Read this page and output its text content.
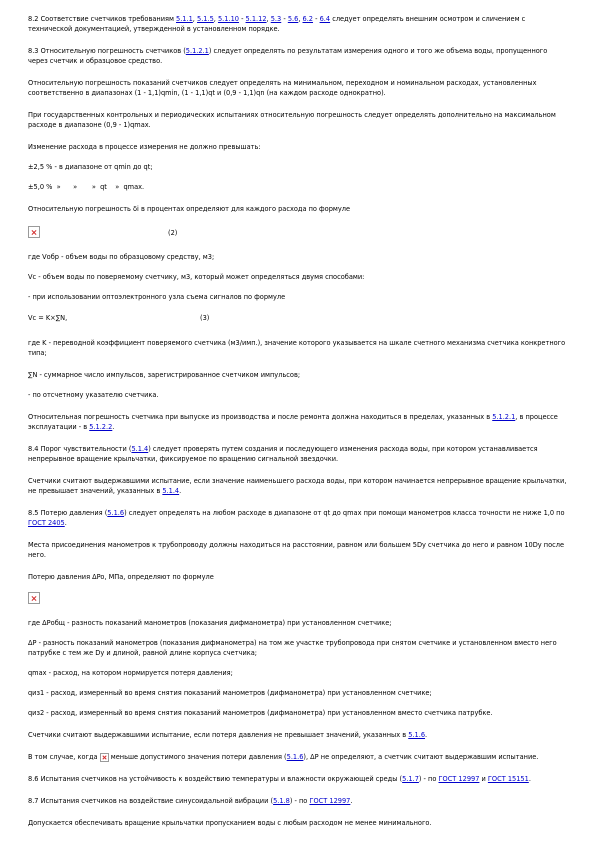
8.2 Соответствие счетчиков требованиям 5.1.1, 5.1.5, 5.1.10 - 5.1.12, 5.3 - 5.6, 6.2 - 6.4 следует определять внешним осмотром и сличением с технической документацией, утвержденной в установленном порядке.

8.3 Относительную погрешность счетчиков (5.1.2.1) следует определять по результатам измерения одного и того же объема воды, пропущенного через счетчик и образцовое средство.

Относительную погрешность показаний счетчиков следует определять на минимальном, переходном и номинальном расходах, установленных соответственно в диапазонах (1 - 1,1)qmin, (1 - 1,1)qt и (0,9 - 1,1)qn (на каждом расходе однократно).

При государственных контрольных и периодических испытаниях относительную погрешность следует определять дополнительно на максимальном расходе в диапазоне (0,9 - 1)qmax.

Изменение расхода в процессе измерения не должно превышать:

±2,5 % - в диапазоне от qmin до qt;

±5,0 %  »      »       »  qt    »  qmax.

Относительную погрешность δi в процентах определяют для каждого расхода по формуле

(2)

где Vобр - объем воды по образцовому средству, м3;

Vc - объем воды по поверяемому счетчику, м3, который может определяться двумя способами:

- при использовании оптоэлектронного узла съема сигналов по формуле

Vc = K×∑N,	(3)

где K - переводной коэффициент поверяемого счетчика (м3/имп.), значение которого указывается на шкале счетного механизма счетчика конкретного типа;

∑N - суммарное число импульсов, зарегистрированное счетчиком импульсов;

- по отсчетному указателю счетчика.

Относительная погрешность счетчика при выпуске из производства и после ремонта должна находиться в пределах, указанных в 5.1.2.1, в процессе эксплуатации - в 5.1.2.2.

8.4 Порог чувствительности (5.1.4) следует проверять путем создания и последующего изменения расхода воды, при котором устанавливается непрерывное вращение крыльчатки, фиксируемое по вращению сигнальной звездочки.

Счетчики считают выдержавшими испытание, если значение наименьшего расхода воды, при котором начинается непрерывное вращение крыльчатки, не превышает значений, указанных в 5.1.4.

8.5 Потерю давления (5.1.6) следует определять на любом расходе в диапазоне от qt до qmax при помощи манометров класса точности не ниже 1,0 по ГОСТ 2405.

Места присоединения манометров к трубопроводу должны находиться на расстоянии, равном или большем 5Dу счетчика до него и равном 10Dу после него.

Потерю давления ΔPo, МПа, определяют по формуле

где ΔPобщ - разность показаний манометров (показания дифманометра) при установленном счетчике;

ΔP - разность показаний манометров (показания дифманометра) на том же участке трубопровода при снятом счетчике и установленном вместо него патрубке с тем же Dу и длиной, равной длине корпуса счетчика;

qmax - расход, на котором нормируется потеря давления;

qиз1 - расход, измеренный во время снятия показаний манометров (дифманометра) при установленном счетчике;

qиз2 - расход, измеренный во время снятия показаний манометров (дифманометра) при установленном вместо счетчика патрубке.

Счетчики считают выдержавшими испытание, если потеря давления не превышает значений, указанных в 5.1.6.

В том случае, когда  меньше допустимого значения потери давления (5.1.6), ΔP не определяют, а счетчик считают выдержавшим испытание.

8.6 Испытания счетчиков на устойчивость к воздействию температуры и влажности окружающей среды (5.1.7) - по ГОСТ 12997 и ГОСТ 15151.

8.7 Испытания счетчиков на воздействие синусоидальной вибрации (5.1.8) - по ГОСТ 12997.

Допускается обеспечивать вращение крыльчатки пропусканием воды с любым расходом не менее минимального.
